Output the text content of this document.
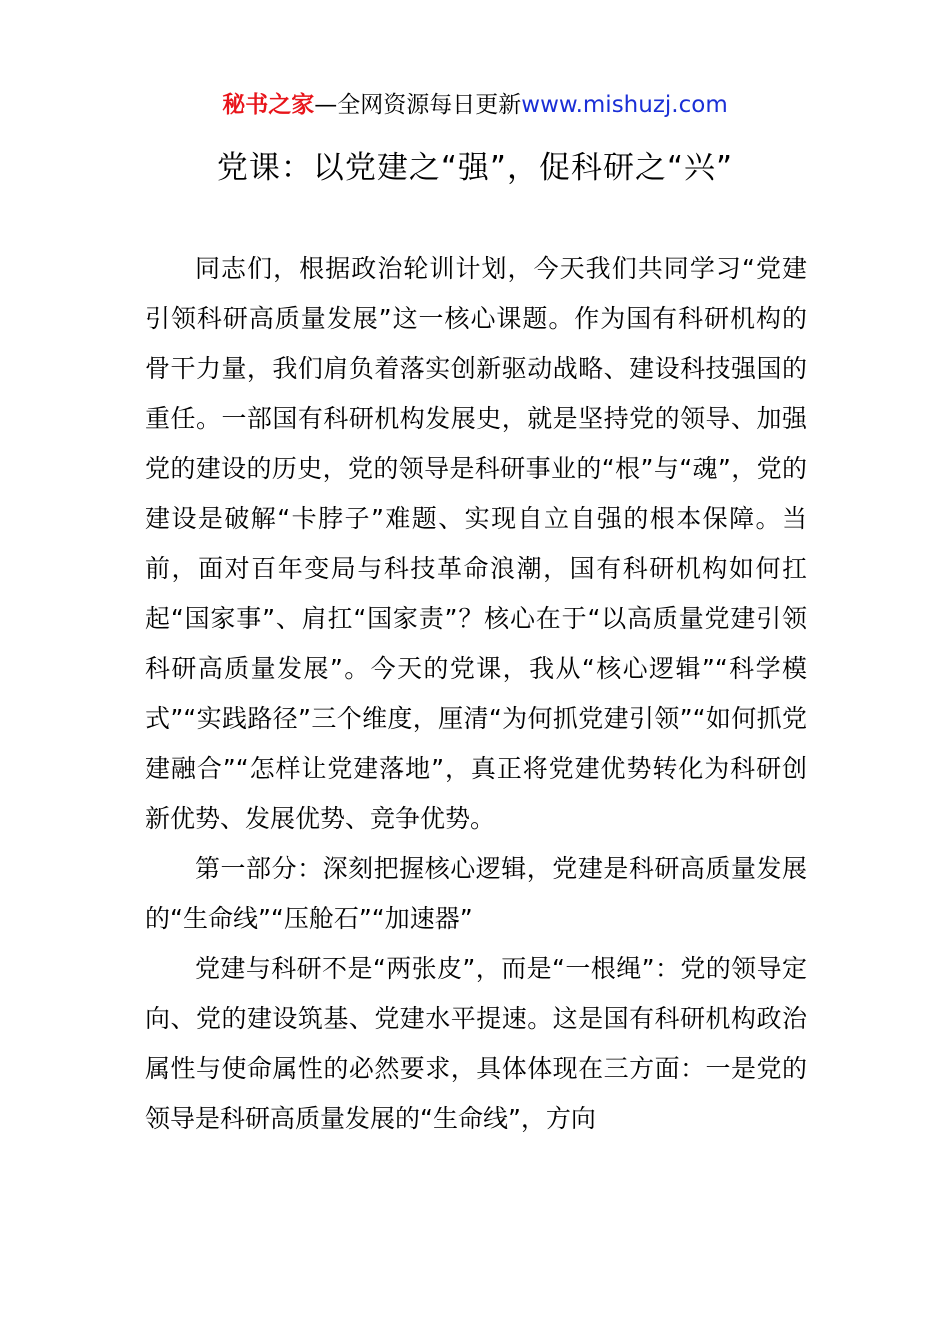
秘书之家—全网资源每日更新www.mishuzj.com
党课：以党建之“强”，促科研之“兴”

同志们，根据政治轮训计划，今天我们共同学习“党建引领科研高质量发展”这一核心课题。作为国有科研机构的骨干力量，我们肩负着落实创新驱动战略、建设科技强国的重任。一部国有科研机构发展史，就是坚持党的领导、加强党的建设的历史，党的领导是科研事业的“根”与“魂”，党的建设是破解“卡脖子”难题、实现自立自强的根本保障。当前，面对百年变局与科技革命浪潮，国有科研机构如何扛起“国家事”、肩扛“国家责”？核心在于“以高质量党建引领科研高质量发展”。今天的党课，我从“核心逻辑”“科学模式”“实践路径”三个维度，厘清“为何抓党建引领”“如何抓党建融合”“怎样让党建落地”，真正将党建优势转化为科研创新优势、发展优势、竞争优势。

第一部分：深刻把握核心逻辑，党建是科研高质量发展的“生命线”“压舱石”“加速器”

党建与科研不是“两张皮”，而是“一根绳”：党的领导定向、党的建设筑基、党建水平提速。这是国有科研机构政治属性与使命属性的必然要求，具体体现在三方面：一是党的领导是科研高质量发展的“生命线”，方向
